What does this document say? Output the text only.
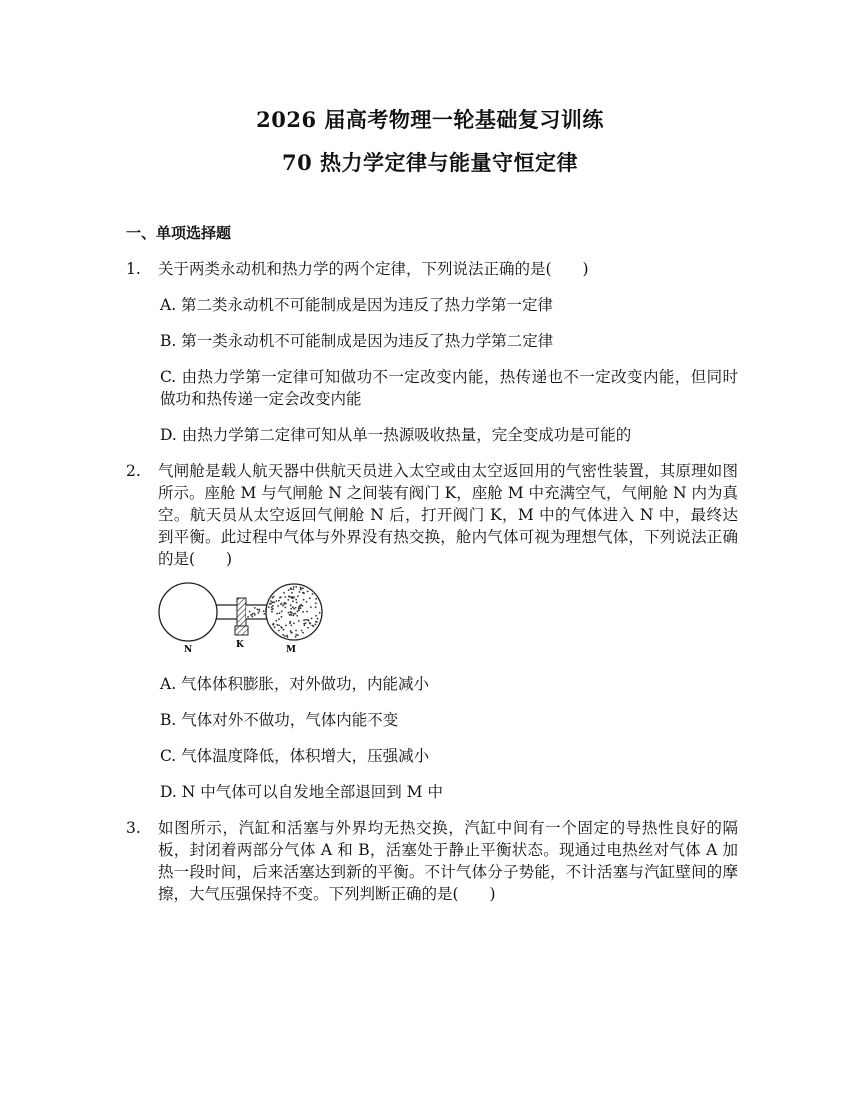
2026 届高考物理一轮基础复习训练
70 热力学定律与能量守恒定律
一、单项选择题
1. 关于两类永动机和热力学的两个定律，下列说法正确的是(　　)
A. 第二类永动机不可能制成是因为违反了热力学第一定律
B. 第一类永动机不可能制成是因为违反了热力学第二定律
C. 由热力学第一定律可知做功不一定改变内能，热传递也不一定改变内能，但同时做功和热传递一定会改变内能
D. 由热力学第二定律可知从单一热源吸收热量，完全变成功是可能的
2. 气闸舱是载人航天器中供航天员进入太空或由太空返回用的气密性装置，其原理如图所示。座舱 M 与气闸舱 N 之间装有阀门 K，座舱 M 中充满空气，气闸舱 N 内为真空。航天员从太空返回气闸舱 N 后，打开阀门 K，M 中的气体进入 N 中，最终达到平衡。此过程中气体与外界没有热交换，舱内气体可视为理想气体，下列说法正确的是(　　)
N	K	M
A. 气体体积膨胀，对外做功，内能减小
B. 气体对外不做功，气体内能不变
C. 气体温度降低，体积增大，压强减小
D. N 中气体可以自发地全部退回到 M 中
3. 如图所示，汽缸和活塞与外界均无热交换，汽缸中间有一个固定的导热性良好的隔板，封闭着两部分气体 A 和 B，活塞处于静止平衡状态。现通过电热丝对气体 A 加热一段时间，后来活塞达到新的平衡。不计气体分子势能，不计活塞与汽缸壁间的摩擦，大气压强保持不变。下列判断正确的是(　　)
